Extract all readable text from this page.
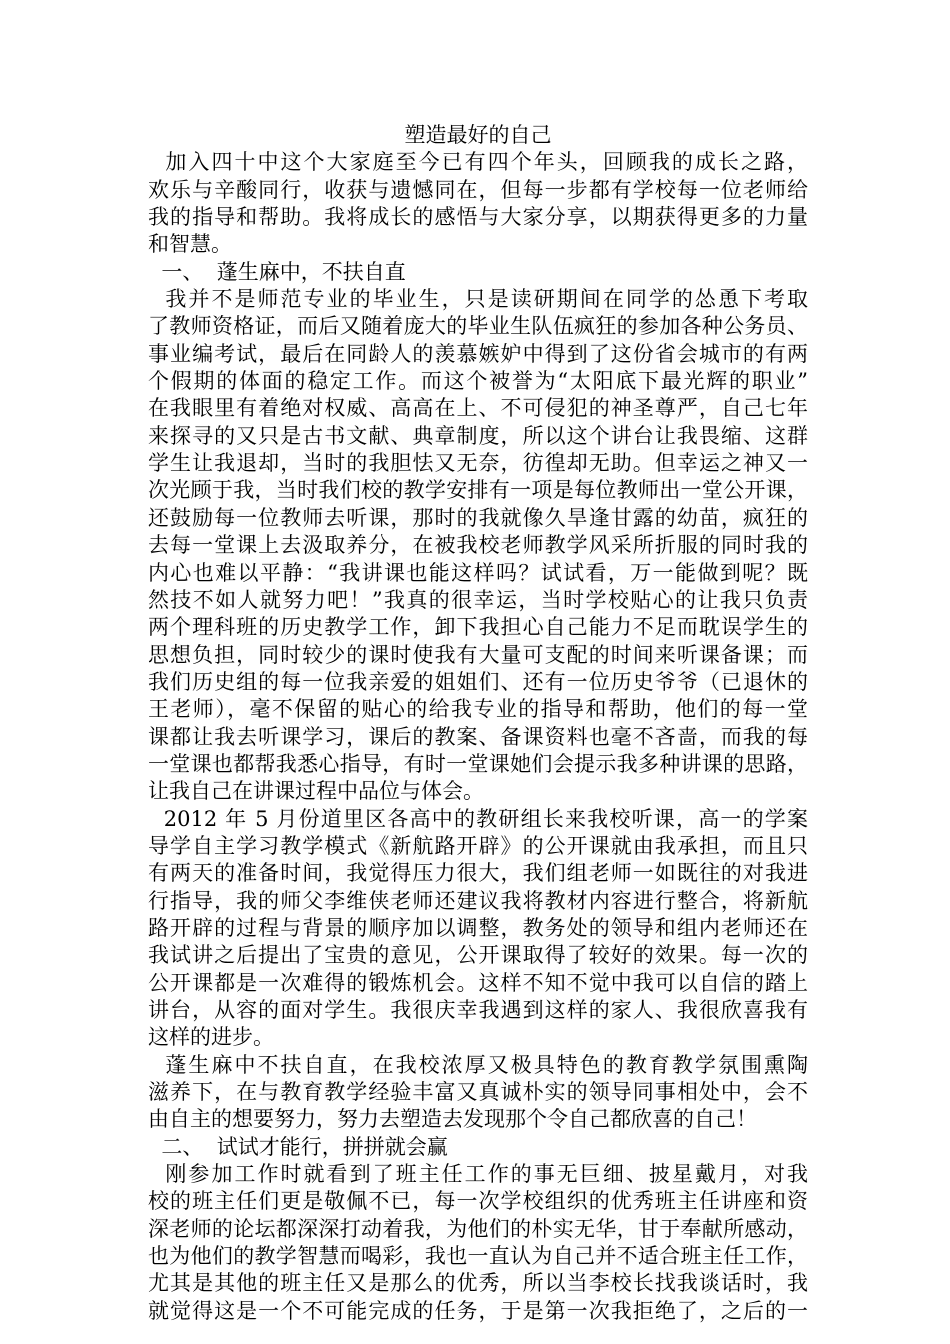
塑造最好的自己
加入四十中这个大家庭至今已有四个年头，回顾我的成长之路，
欢乐与辛酸同行，收获与遗憾同在，但每一步都有学校每一位老师给
我的指导和帮助。我将成长的感悟与大家分享，以期获得更多的力量
和智慧。
一、  蓬生麻中，不扶自直
我并不是师范专业的毕业生，只是读研期间在同学的怂恿下考取
了教师资格证，而后又随着庞大的毕业生队伍疯狂的参加各种公务员、
事业编考试，最后在同龄人的羡慕嫉妒中得到了这份省会城市的有两
个假期的体面的稳定工作。而这个被誉为“太阳底下最光辉的职业”
在我眼里有着绝对权威、高高在上、不可侵犯的神圣尊严，自己七年
来探寻的又只是古书文献、典章制度，所以这个讲台让我畏缩、这群
学生让我退却，当时的我胆怯又无奈，彷徨却无助。但幸运之神又一
次光顾于我，当时我们校的教学安排有一项是每位教师出一堂公开课，
还鼓励每一位教师去听课，那时的我就像久旱逢甘露的幼苗，疯狂的
去每一堂课上去汲取养分，在被我校老师教学风采所折服的同时我的
内心也难以平静：“我讲课也能这样吗？试试看，万一能做到呢？既
然技不如人就努力吧！”我真的很幸运，当时学校贴心的让我只负责
两个理科班的历史教学工作，卸下我担心自己能力不足而耽误学生的
思想负担，同时较少的课时使我有大量可支配的时间来听课备课；而
我们历史组的每一位我亲爱的姐姐们、还有一位历史爷爷（已退休的
王老师），毫不保留的贴心的给我专业的指导和帮助，他们的每一堂
课都让我去听课学习，课后的教案、备课资料也毫不吝啬，而我的每
一堂课也都帮我悉心指导，有时一堂课她们会提示我多种讲课的思路，
让我自己在讲课过程中品位与体会。
2012 年 5 月份道里区各高中的教研组长来我校听课，高一的学案
导学自主学习教学模式《新航路开辟》的公开课就由我承担，而且只
有两天的准备时间，我觉得压力很大，我们组老师一如既往的对我进
行指导，我的师父李维侠老师还建议我将教材内容进行整合，将新航
路开辟的过程与背景的顺序加以调整，教务处的领导和组内老师还在
我试讲之后提出了宝贵的意见，公开课取得了较好的效果。每一次的
公开课都是一次难得的锻炼机会。这样不知不觉中我可以自信的踏上
讲台，从容的面对学生。我很庆幸我遇到这样的家人、我很欣喜我有
这样的进步。
蓬生麻中不扶自直，在我校浓厚又极具特色的教育教学氛围熏陶
滋养下，在与教育教学经验丰富又真诚朴实的领导同事相处中，会不
由自主的想要努力，努力去塑造去发现那个令自己都欣喜的自己！
二、  试试才能行，拼拼就会赢
刚参加工作时就看到了班主任工作的事无巨细、披星戴月，对我
校的班主任们更是敬佩不已，每一次学校组织的优秀班主任讲座和资
深老师的论坛都深深打动着我，为他们的朴实无华，甘于奉献所感动，
也为他们的教学智慧而喝彩，我也一直认为自己并不适合班主任工作，
尤其是其他的班主任又是那么的优秀，所以当李校长找我谈话时，我
就觉得这是一个不可能完成的任务，于是第一次我拒绝了，之后的一
